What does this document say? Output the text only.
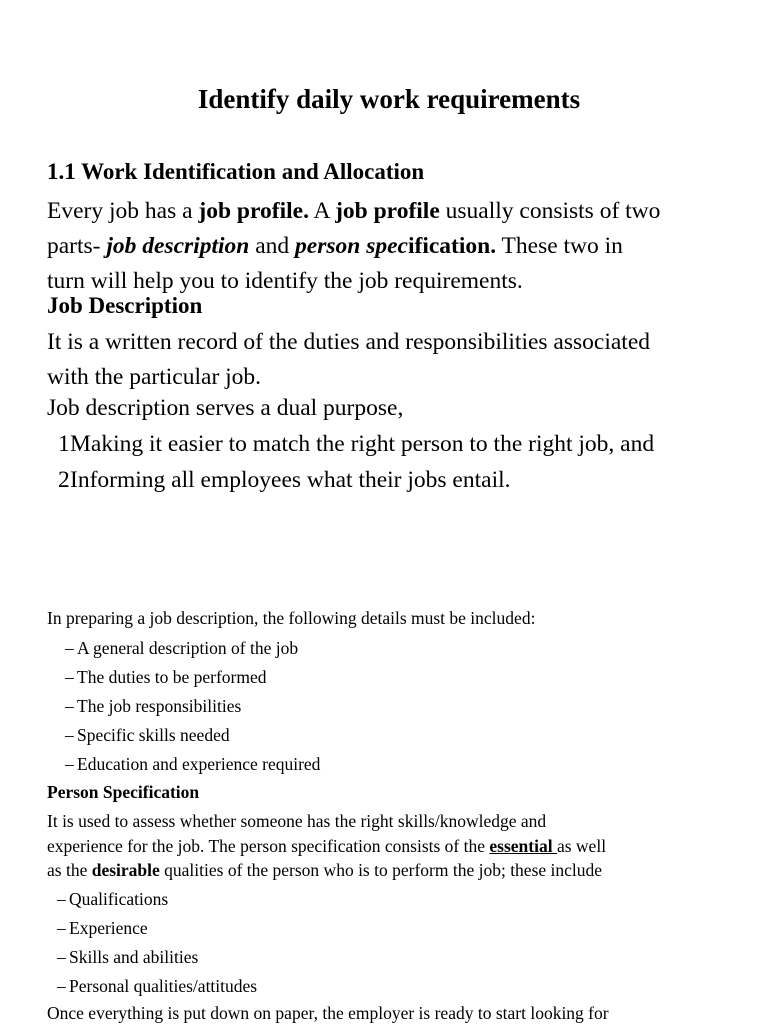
Identify daily work requirements
1.1 Work Identification and Allocation
Every job has a job profile. A job profile usually consists of two
parts- job description and person specification. These two in
turn will help you to identify the job requirements.
Job Description
It is a written record of the duties and responsibilities associated
with the particular job.
Job description serves a dual purpose,
1Making it easier to match the right person to the right job, and
2Informing all employees what their jobs entail.
In preparing a job description, the following details must be included:
– A general description of the job
– The duties to be performed
– The job responsibilities
– Specific skills needed
– Education and experience required
Person Specification
It is used to assess whether someone has the right skills/knowledge and
experience for the job. The person specification consists of the essential as well
as the desirable qualities of the person who is to perform the job; these include
– Qualifications
– Experience
– Skills and abilities
– Personal qualities/attitudes
Once everything is put down on paper, the employer is ready to start looking for
